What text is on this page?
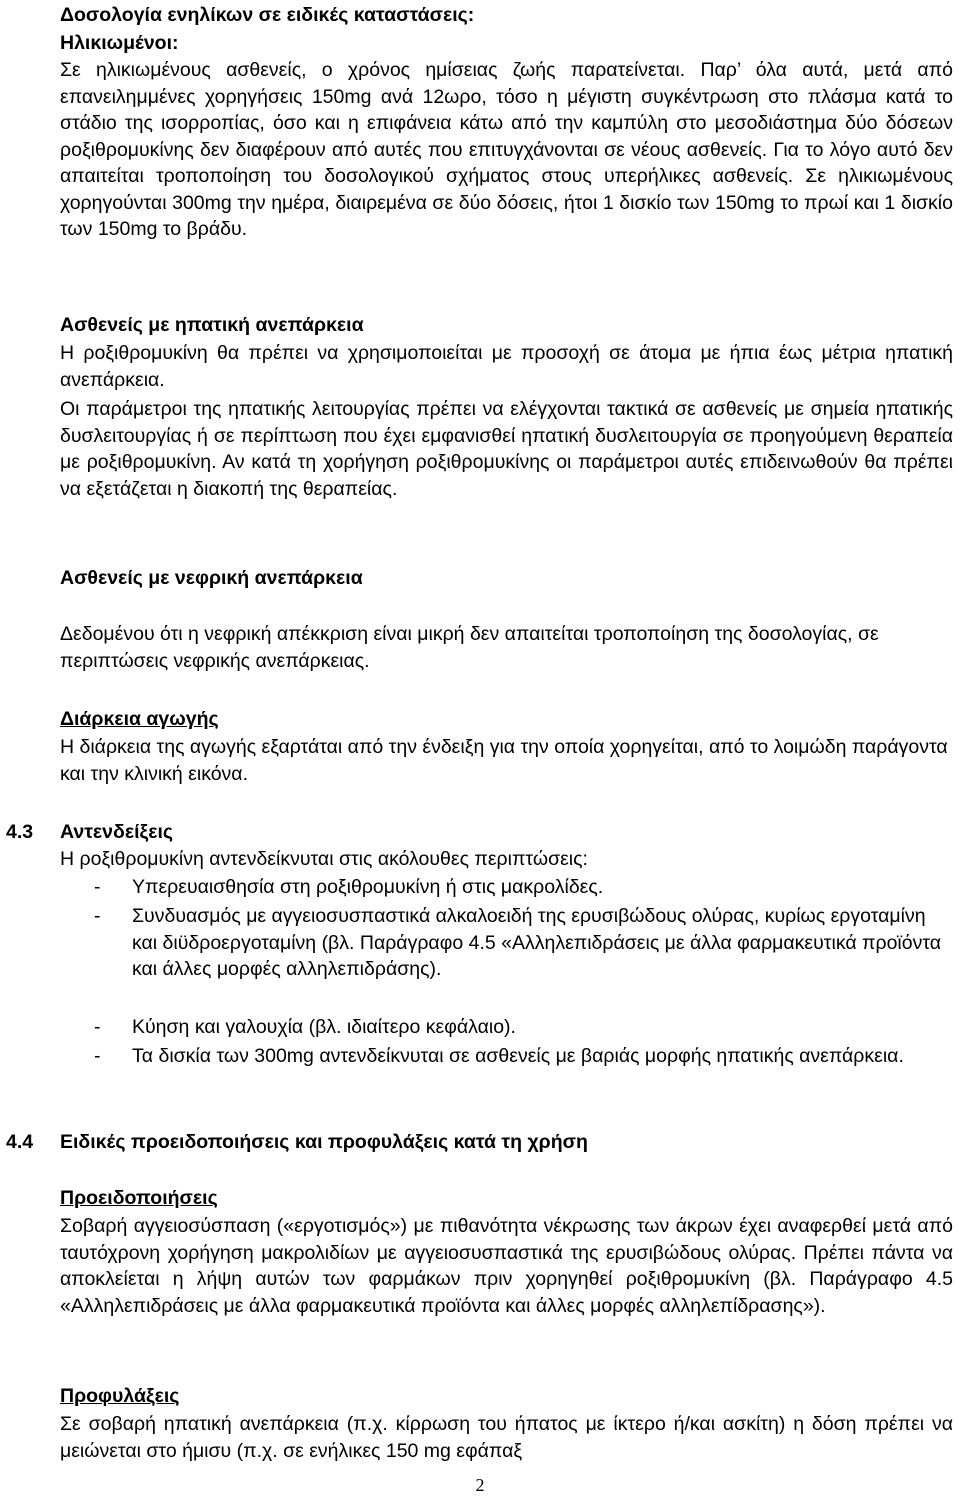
Δοσολογία ενηλίκων σε ειδικές καταστάσεις:
Ηλικιωμένοι:

Σε ηλικιωμένους ασθενείς, ο χρόνος ημίσειας ζωής παρατείνεται. Παρ’ όλα αυτά, μετά από επανειλημμένες χορηγήσεις 150mg ανά 12ωρο, τόσο η μέγιστη συγκέντρωση στο πλάσμα κατά το στάδιο της ισορροπίας, όσο και η επιφάνεια κάτω από την καμπύλη στο μεσοδιάστημα δύο δόσεων ροξιθρομυκίνης δεν διαφέρουν από αυτές που επιτυγχάνονται σε νέους ασθενείς. Για το λόγο αυτό δεν απαιτείται τροποποίηση του δοσολογικού σχήματος στους υπερήλικες ασθενείς. Σε ηλικιωμένους χορηγούνται 300mg την ημέρα, διαιρεμένα σε δύο δόσεις, ήτοι 1 δισκίο των 150mg το πρωί και 1 δισκίο των 150mg το βράδυ.

Ασθενείς με ηπατική ανεπάρκεια

Η ροξιθρομυκίνη θα πρέπει να χρησιμοποιείται με προσοχή σε άτομα με ήπια έως μέτρια ηπατική ανεπάρκεια.

Οι παράμετροι της ηπατικής λειτουργίας πρέπει να ελέγχονται τακτικά σε ασθενείς με σημεία ηπατικής δυσλειτουργίας ή σε περίπτωση που έχει εμφανισθεί ηπατική δυσλειτουργία σε προηγούμενη θεραπεία με ροξιθρομυκίνη. Αν κατά τη χορήγηση ροξιθρομυκίνης οι παράμετροι αυτές επιδεινωθούν θα πρέπει να εξετάζεται η διακοπή της θεραπείας.

Ασθενείς με νεφρική ανεπάρκεια

Δεδομένου ότι η νεφρική απέκκριση είναι μικρή δεν απαιτείται τροποποίηση της δοσολογίας, σε περιπτώσεις νεφρικής ανεπάρκειας.

Διάρκεια αγωγής

Η διάρκεια της αγωγής εξαρτάται από την ένδειξη για την οποία χορηγείται, από το λοιμώδη παράγοντα και την κλινική εικόνα.

4.3 Αντενδείξεις
Η ροξιθρομυκίνη αντενδείκνυται στις ακόλουθες περιπτώσεις:
- Υπερευαισθησία στη ροξιθρομυκίνη ή στις μακρολίδες.
- Συνδυασμός με αγγειοσυσπαστικά αλκαλοειδή της ερυσιβώδους ολύρας, κυρίως εργοταμίνη και διϋδροεργοταμίνη (βλ. Παράγραφο 4.5 «Αλληλεπιδράσεις με άλλα φαρμακευτικά προϊόντα και άλλες μορφές αλληλεπιδράσης).
- Κύηση και γαλουχία (βλ. ιδιαίτερο κεφάλαιο).
- Τα δισκία των 300mg αντενδείκνυται σε ασθενείς με βαριάς μορφής ηπατικής ανεπάρκεια.
4.4 Ειδικές προειδοποιήσεις και προφυλάξεις κατά τη χρήση
Προειδοποιήσεις

Σοβαρή αγγειοσύσπαση («εργοτισμός») με πιθανότητα νέκρωσης των άκρων έχει αναφερθεί μετά από ταυτόχρονη χορήγηση μακρολιδίων με αγγειοσυσπαστικά της ερυσιβώδους ολύρας. Πρέπει πάντα να αποκλείεται η λήψη αυτών των φαρμάκων πριν χορηγηθεί ροξιθρομυκίνη (βλ. Παράγραφο 4.5 «Αλληλεπιδράσεις με άλλα φαρμακευτικά προϊόντα και άλλες μορφές αλληλεπίδρασης»).

Προφυλάξεις

Σε σοβαρή ηπατική ανεπάρκεια (π.χ. κίρρωση του ήπατος με ίκτερο ή/και ασκίτη) η δόση πρέπει να μειώνεται στο ήμισυ (π.χ. σε ενήλικες 150 mg εφάπαξ

2
